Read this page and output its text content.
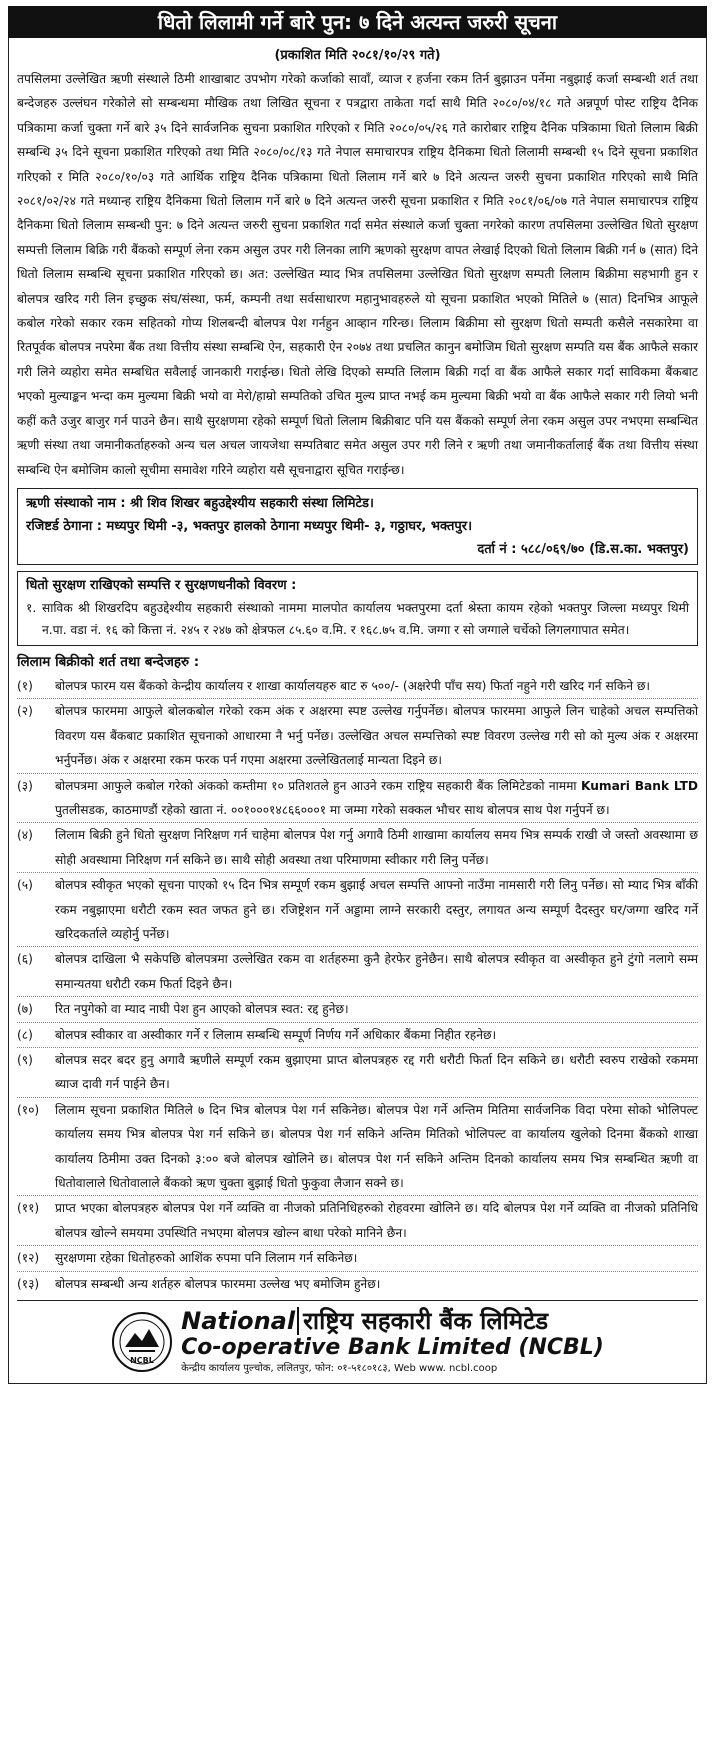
धितो लिलामी गर्ने बारे पुन: ७ दिने अत्यन्त जरुरी सूचना
(प्रकाशित मिति २०८१/१०/२९ गते)

तपसिलमा उल्लेखित ऋणी संस्थाले ठिमी शाखाबाट उपभोग गरेको कर्जाको सावाँ, व्याज र हर्जना रकम तिर्न बुझाउन पर्नेमा नबुझाई कर्जा सम्बन्धी शर्त तथा बन्देजहरु उल्लंघन गरेकोले सो सम्बन्धमा मौखिक तथा लिखित सूचना र पत्रद्वारा ताकेता गर्दा साथै मिति २०८०/०४/१८ गते अन्नपूर्ण पोस्ट राष्ट्रिय दैनिक पत्रिकामा कर्जा चुक्ता गर्ने बारे ३५ दिने सार्वजनिक सुचना प्रकाशित गरिएको र मिति २०८०/०५/२६ गते कारोबार राष्ट्रिय दैनिक पत्रिकामा धितो लिलाम बिक्री सम्बन्धि ३५ दिने सूचना प्रकाशित गरिएको तथा मिति २०८०/०८/१३ गते नेपाल समाचारपत्र राष्ट्रिय दैनिकमा धितो लिलामी सम्बन्धी १५ दिने सूचना प्रकाशित गरिएको र मिति २०८०/१०/०३ गते आर्थिक राष्ट्रिय दैनिक पत्रिकामा धितो लिलाम गर्ने बारे ७ दिने अत्यन्त जरुरी सुचना प्रकाशित गरिएको साथै मिति २०८१/०२/२४ गते मध्यान्ह राष्ट्रिय दैनिकमा धितो लिलाम गर्ने बारे ७ दिने अत्यन्त जरुरी सूचना प्रकाशित र मिति २०८१/०६/०७ गते नेपाल समाचारपत्र राष्ट्रिय दैनिकमा धितो लिलाम सम्बन्धी पुन: ७ दिने अत्यन्त जरुरी सुचना प्रकाशित गर्दा समेत संस्थाले कर्जा चुक्ता नगरेको कारण तपसिलमा उल्लेखित धितो सुरक्षण सम्पत्ती लिलाम बिक्रि गरी बैंकको सम्पूर्ण लेना रकम असुल उपर गरी लिनका लागि ऋणको सुरक्षण वापत लेखाई दिएको धितो लिलाम बिक्री गर्न ७ (सात) दिने धितो लिलाम सम्बन्धि सूचना प्रकाशित गरिएको छ। अत: उल्लेखित म्याद भित्र तपसिलमा उल्लेखित धितो सुरक्षण सम्पती लिलाम बिक्रीमा सहभागी हुन र बोलपत्र खरिद गरी लिन इच्छुक संघ/संस्था, फर्म, कम्पनी तथा सर्वसाधारण महानुभावहरुले यो सूचना प्रकाशित भएको मितिले ७ (सात) दिनभित्र आफूले कबोल गरेको सकार रकम सहितको गोप्य शिलबन्दी बोलपत्र पेश गर्नहुन आव्हान गरिन्छ। लिलाम बिक्रीमा सो सुरक्षण धितो सम्पती कसैले नसकारेमा वा रितपूर्वक बोलपत्र नपरेमा बैंक तथा वित्तीय संस्था सम्बन्धि ऐन, सहकारी ऐन २०७४ तथा प्रचलित कानुन बमोजिम धितो सुरक्षण सम्पति यस बैंक आफैले सकार गरी लिने व्यहोरा समेत सम्बधित सवैलाई जानकारी गराईन्छ। धितो लेखि दिएको सम्पति लिलाम बिक्री गर्दा वा बैंक आफैले सकार गर्दा साविकमा बैंकबाट भएको मुल्याङ्कन भन्दा कम मुल्यमा बिक्री भयो वा मेरो/हाम्रो सम्पतिको उचित मुल्य प्राप्त नभई कम मुल्यमा बिक्री भयो वा बैंक आफैले सकार गरी लियो भनी कहीं कतै उजुर बाजुर गर्न पाउने छैन। साथै सुरक्षणमा रहेको सम्पूर्ण धितो लिलाम बिक्रीबाट पनि यस बैंकको सम्पूर्ण लेना रकम असुल उपर नभएमा सम्बन्धित ऋणी संस्था तथा जमानीकर्ताहरुको अन्य चल अचल जायजेथा सम्पतिबाट समेत असुल उपर गरी लिने र ऋणी तथा जमानीकर्तालाई बैंक तथा वित्तीय संस्था सम्बन्धि ऐन बमोजिम कालो सूचीमा समावेश गरिने व्यहोरा यसै सूचनाद्वारा सूचित गराईन्छ।

ऋणी संस्थाको नाम : श्री शिव शिखर बहुउद्देश्यीय सहकारी संस्था लिमिटेड।
रजिष्टर्ड ठेगाना : मध्यपुर थिमी -३, भक्तपुर हालको ठेगाना मध्यपुर थिमी- ३, गठ्ठाघर, भक्तपुर।
दर्ता नं : ५८८/०६९/७० (डि.स.का. भक्तपुर)
धितो सुरक्षण राखिएको सम्पत्ति र सुरक्षणधनीको विवरण :
१. साविक श्री शिखरदिप बहुउद्देश्यीय सहकारी संस्थाको नाममा मालपोत कार्यालय भक्तपुरमा दर्ता श्रेस्ता कायम रहेको भक्तपुर जिल्ला मध्यपुर थिमी न.पा. वडा नं. १६ को कित्ता नं. २४५ र २४७ को क्षेत्रफल ८५.६० व.मि. र १६८.७५ व.मि. जग्गा र सो जग्गाले चर्चेको लिगलगापात समेत।
लिलाम बिक्रीको शर्त तथा बन्देजहरु :
(१)	बोलपत्र फारम यस बैंकको केन्द्रीय कार्यालय र शाखा कार्यालयहरु बाट रु ५००/- (अक्षरेपी पाँच सय) फिर्ता नहुने गरी खरिद गर्न सकिने छ।
(२)	बोलपत्र फारममा आफुले बोलकबोल गरेको रकम अंक र अक्षरमा स्पष्ट उल्लेख गर्नुपर्नेछ। बोलपत्र फारममा आफुले लिन चाहेको अचल सम्पत्तिको विवरण यस बैंकबाट प्रकाशित सूचनाको आधारमा नै भर्नु पर्नेछ। उल्लेखित अचल सम्पत्तिको स्पष्ट विवरण उल्लेख गरी सो को मुल्य अंक र अक्षरमा भर्नुपर्नेछ। अंक र अक्षरमा रकम फरक पर्न गएमा अक्षरमा उल्लेखितलाई मान्यता दिइने छ।
(३)	बोलपत्रमा आफुले कबोल गरेको अंकको कम्तीमा १० प्रतिशतले हुन आउने रकम राष्ट्रिय सहकारी बैंक लिमिटेडको नाममा Kumari Bank LTD पुतलीसडक, काठमाण्डौं रहेको खाता नं. ००१०००१४८६६०००१ मा जम्मा गरेको सक्कल भौचर साथ बोलपत्र साथ पेश गर्नुपर्ने छ।
(४)	लिलाम बिक्री हुने धितो सुरक्षण निरिक्षण गर्न चाहेमा बोलपत्र पेश गर्नु अगावै ठिमी शाखामा कार्यालय समय भित्र सम्पर्क राखी जे जस्तो अवस्थामा छ सोही अवस्थामा निरिक्षण गर्न सकिने छ। साथै सोही अवस्था तथा परिमाणमा स्वीकार गरी लिनु पर्नेछ।
(५)	बोलपत्र स्वीकृत भएको सूचना पाएको १५ दिन भित्र सम्पूर्ण रकम बुझाई अचल सम्पत्ति आफ्नो नाउँमा नामसारी गरी लिनु पर्नेछ। सो म्याद भित्र बाँकी रकम नबुझाएमा धरौटी रकम स्वत जफत हुने छ। रजिष्ट्रेशन गर्ने अड्डामा लाग्ने सरकारी दस्तुर, लगायत अन्य सम्पूर्ण दैदस्तुर घर/जग्गा खरिद गर्ने खरिदकर्ताले व्यहोर्नु पर्नेछ।
(६)	बोलपत्र दाखिला भै सकेपछि बोलपत्रमा उल्लेखित रकम वा शर्तहरुमा कुनै हेरफेर हुनेछैन। साथै बोलपत्र स्वीकृत वा अस्वीकृत हुने टुंगो नलागे सम्म समान्यतया धरौटी रकम फिर्ता दिइने छैन।
(७)	रित नपुगेको वा म्याद नाघी पेश हुन आएको बोलपत्र स्वत: रद्द हुनेछ।
(८)	बोलपत्र स्वीकार वा अस्वीकार गर्ने र लिलाम सम्बन्धि सम्पूर्ण निर्णय गर्ने अधिकार बैंकमा निहीत रहनेछ।
(९)	बोलपत्र सदर बदर हुनु अगावै ऋणीले सम्पूर्ण रकम बुझाएमा प्राप्त बोलपत्रहरु रद्द गरी धरौटी फिर्ता दिन सकिने छ। धरौटी स्वरुप राखेको रकममा ब्याज दावी गर्न पाईने छैन।
(१०)	लिलाम सूचना प्रकाशित मितिले ७ दिन भित्र बोलपत्र पेश गर्न सकिनेछ। बोलपत्र पेश गर्ने अन्तिम मितिमा सार्वजनिक विदा परेमा सोको भोलिपल्ट कार्यालय समय भित्र बोलपत्र पेश गर्न सकिने छ। बोलपत्र पेश गर्न सकिने अन्तिम मितिको भोलिपल्ट वा कार्यालय खुलेको दिनमा बैंकको शाखा कार्यालय ठिमीमा उक्त दिनको ३:०० बजे बोलपत्र खोलिने छ। बोलपत्र पेश गर्न सकिने अन्तिम दिनको कार्यालय समय भित्र सम्बन्धित ऋणी वा धितोवालाले धितोवालाले बैंकको ऋण चुक्ता बुझाई धितो फुकुवा लैजान सक्ने छ।
(११)	प्राप्त भएका बोलपत्रहरु बोलपत्र पेश गर्ने व्यक्ति वा नीजको प्रतिनिधिहरुको रोहवरमा खोलिने छ। यदि बोलपत्र पेश गर्ने व्यक्ति वा नीजको प्रतिनिधि बोलपत्र खोल्ने समयमा उपस्थिति नभएमा बोलपत्र खोल्न बाधा परेको मानिने छैन।
(१२)	सुरक्षणमा रहेका धितोहरुको आशिंक रुपमा पनि लिलाम गर्न सकिनेछ।
(१३)	बोलपत्र सम्बन्धी अन्य शर्तहरु बोलपत्र फारममा उल्लेख भए बमोजिम हुनेछ।
NCBL
National राष्ट्रिय सहकारी बैंक लिमिटेड
Co-operative Bank Limited (NCBL)
केन्द्रीय कार्यालय पुल्चोक, ललितपुर, फोन: ०१-५१८०१८३, Web www. ncbl.coop
